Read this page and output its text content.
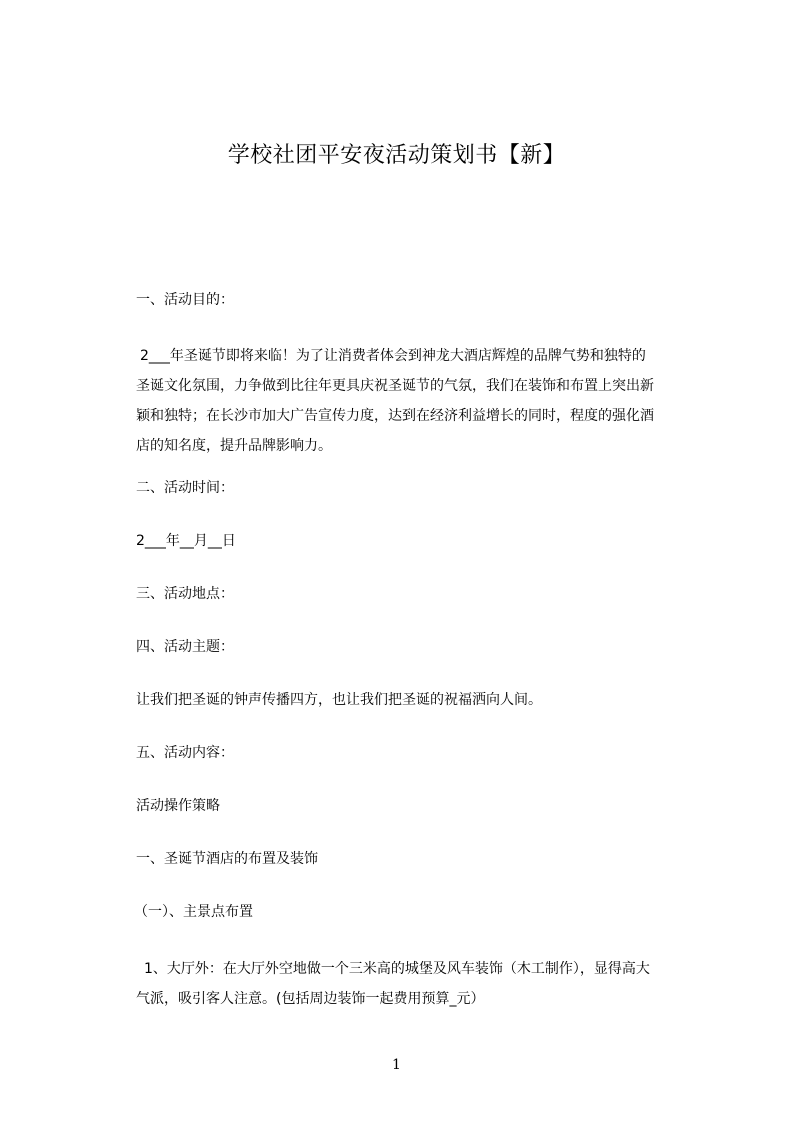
学校社团平安夜活动策划书【新】
一、活动目的：
2___年圣诞节即将来临！为了让消费者体会到神龙大酒店辉煌的品牌气势和独特的圣诞文化氛围，力争做到比往年更具庆祝圣诞节的气氛，我们在装饰和布置上突出新颖和独特；在长沙市加大广告宣传力度，达到在经济利益增长的同时，程度的强化酒店的知名度，提升品牌影响力。
二、活动时间：
2___年__月__日
三、活动地点：
四、活动主题：
让我们把圣诞的钟声传播四方，也让我们把圣诞的祝福洒向人间。
五、活动内容：
活动操作策略
一、圣诞节酒店的布置及装饰
（一）、主景点布置
1、大厅外：在大厅外空地做一个三米高的城堡及风车装饰（木工制作），显得高大气派，吸引客人注意。(包括周边装饰一起费用预算_元）
1
